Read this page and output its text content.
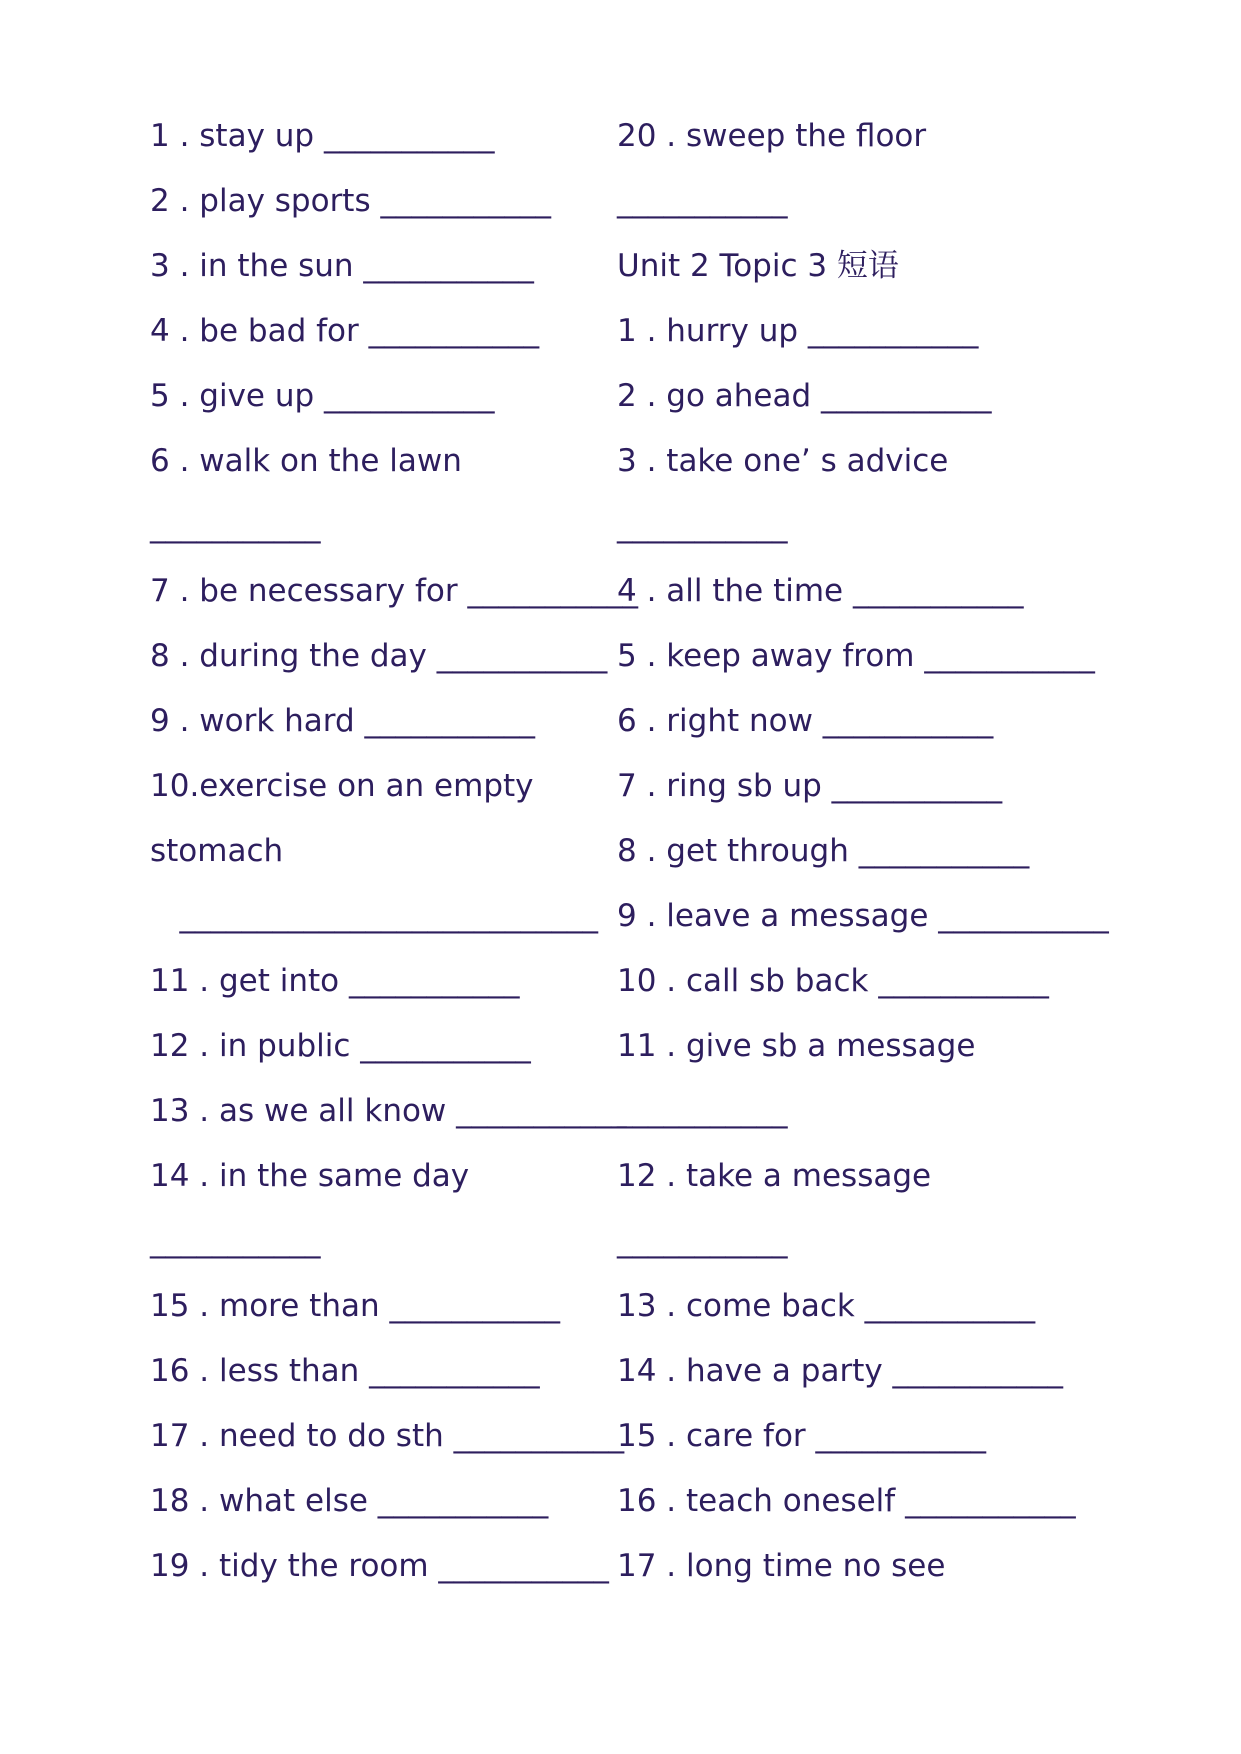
1 . stay up ___________
2 . play sports ___________
3 . in the sun ___________
4 . be bad for ___________
5 . give up ___________
6 . walk on the lawn
___________
7 . be necessary for ___________
8 . during the day ___________
9 . work hard ___________
10.exercise on an empty
stomach
___________________________
11 . get into ___________
12 . in public ___________
13 . as we all know ___________
14 . in the same day
___________
15 . more than ___________
16 . less than ___________
17 . need to do sth ___________
18 . what else ___________
19 . tidy the room ___________
20 . sweep the floor
___________
Unit 2 Topic 3 短语
1 . hurry up ___________
2 . go ahead ___________
3 . take one’ s advice
___________
4 . all the time ___________
5 . keep away from ___________
6 . right now ___________
7 . ring sb up ___________
8 . get through ___________
9 . leave a message ___________
10 . call sb back ___________
11 . give sb a message
___________
12 . take a message
___________
13 . come back ___________
14 . have a party ___________
15 . care for ___________
16 . teach oneself ___________
17 . long time no see
